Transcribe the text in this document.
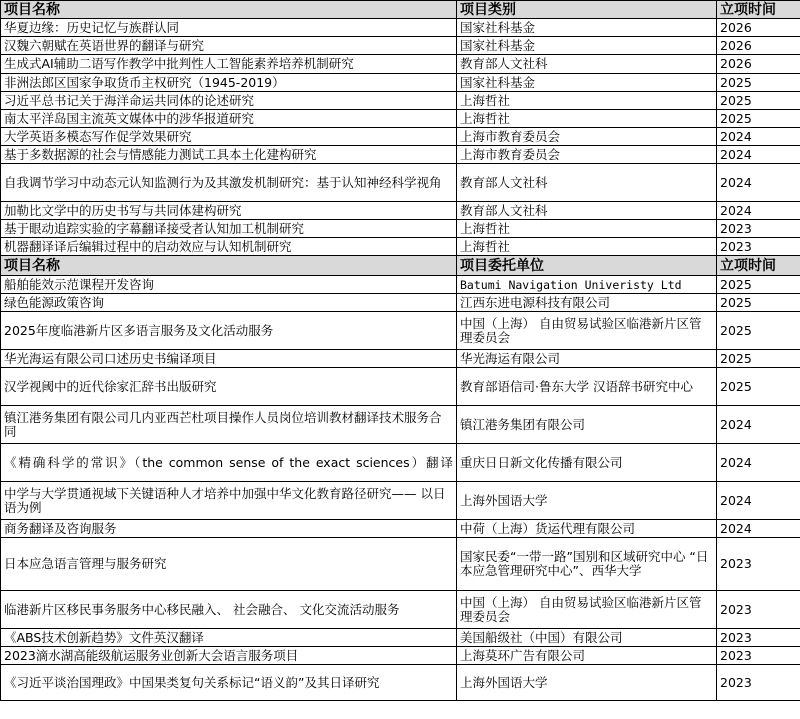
项目名称	项目类别	立项时间
华夏边缘：历史记忆与族群认同	国家社科基金	2026
汉魏六朝赋在英语世界的翻译与研究	国家社科基金	2026
生成式AI辅助二语写作教学中批判性人工智能素养培养机制研究	教育部人文社科	2026
非洲法郎区国家争取货币主权研究（1945-2019）	国家社科基金	2025
习近平总书记关于海洋命运共同体的论述研究	上海哲社	2025
南太平洋岛国主流英文媒体中的涉华报道研究	上海哲社	2025
大学英语多模态写作促学效果研究	上海市教育委员会	2024
基于多数据源的社会与情感能力测试工具本土化建构研究	上海市教育委员会	2024
自我调节学习中动态元认知监测行为及其激发机制研究：基于认知神经科学视角	教育部人文社科	2024
加勒比文学中的历史书写与共同体建构研究	教育部人文社科	2024
基于眼动追踪实验的字幕翻译接受者认知加工机制研究	上海哲社	2023
机器翻译译后编辑过程中的启动效应与认知机制研究	上海哲社	2023
项目名称	项目委托单位	立项时间
船舶能效示范课程开发咨询	Batumi Navigation Univeristy Ltd	2025
绿色能源政策咨询	江西东进电源科技有限公司	2025
2025年度临港新片区多语言服务及文化活动服务	中国（上海） 自由贸易试验区临港新片区管理委员会	2025
华光海运有限公司口述历史书编译项目	华光海运有限公司	2025
汉学视阈中的近代徐家汇辞书出版研究	教育部语信司·鲁东大学 汉语辞书研究中心	2025
镇江港务集团有限公司几内亚西芒杜项目操作人员岗位培训教材翻译技术服务合同	镇江港务集团有限公司	2024
《精确科学的常识》（the common sense of the exact sciences）翻译	重庆日日新文化传播有限公司	2024
中学与大学贯通视域下关键语种人才培养中加强中华文化教育路径研究—— 以日语为例	上海外国语大学	2024
商务翻译及咨询服务	中荷（上海）货运代理有限公司	2024
日本应急语言管理与服务研究	国家民委“一带一路”国别和区域研究中心 “日本应急管理研究中心”、西华大学	2023
临港新片区移民事务服务中心移民融入、 社会融合、 文化交流活动服务	中国（上海） 自由贸易试验区临港新片区管理委员会	2023
《ABS技术创新趋势》文件英汉翻译	美国船级社（中国）有限公司	2023
2023滴水湖高能级航运服务业创新大会语言服务项目	上海莫环广告有限公司	2023
《习近平谈治国理政》中国果类复句关系标记“语义韵”及其日译研究	上海外国语大学	2023
